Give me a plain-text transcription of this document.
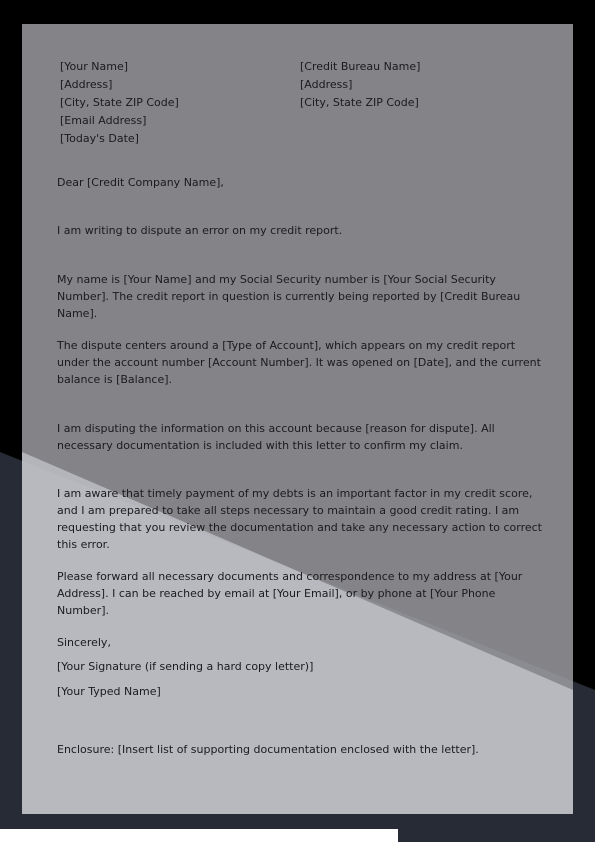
[Your Name]
[Address]
[City, State ZIP Code]
[Email Address]
[Today's Date]
[Credit Bureau Name]
[Address]
[City, State ZIP Code]
Dear [Credit Company Name],
I am writing to dispute an error on my credit report.
My name is [Your Name] and my Social Security number is [Your Social Security Number]. The credit report in question is currently being reported by [Credit Bureau Name].
The dispute centers around a [Type of Account], which appears on my credit report under the account number [Account Number]. It was opened on [Date], and the current balance is [Balance].
I am disputing the information on this account because [reason for dispute]. All necessary documentation is included with this letter to confirm my claim.
I am aware that timely payment of my debts is an important factor in my credit score, and I am prepared to take all steps necessary to maintain a good credit rating. I am requesting that you review the documentation and take any necessary action to correct this error.
Please forward all necessary documents and correspondence to my address at [Your Address]. I can be reached by email at [Your Email], or by phone at [Your Phone Number].
Sincerely,
[Your Signature (if sending a hard copy letter)]
[Your Typed Name]
Enclosure: [Insert list of supporting documentation enclosed with the letter].
